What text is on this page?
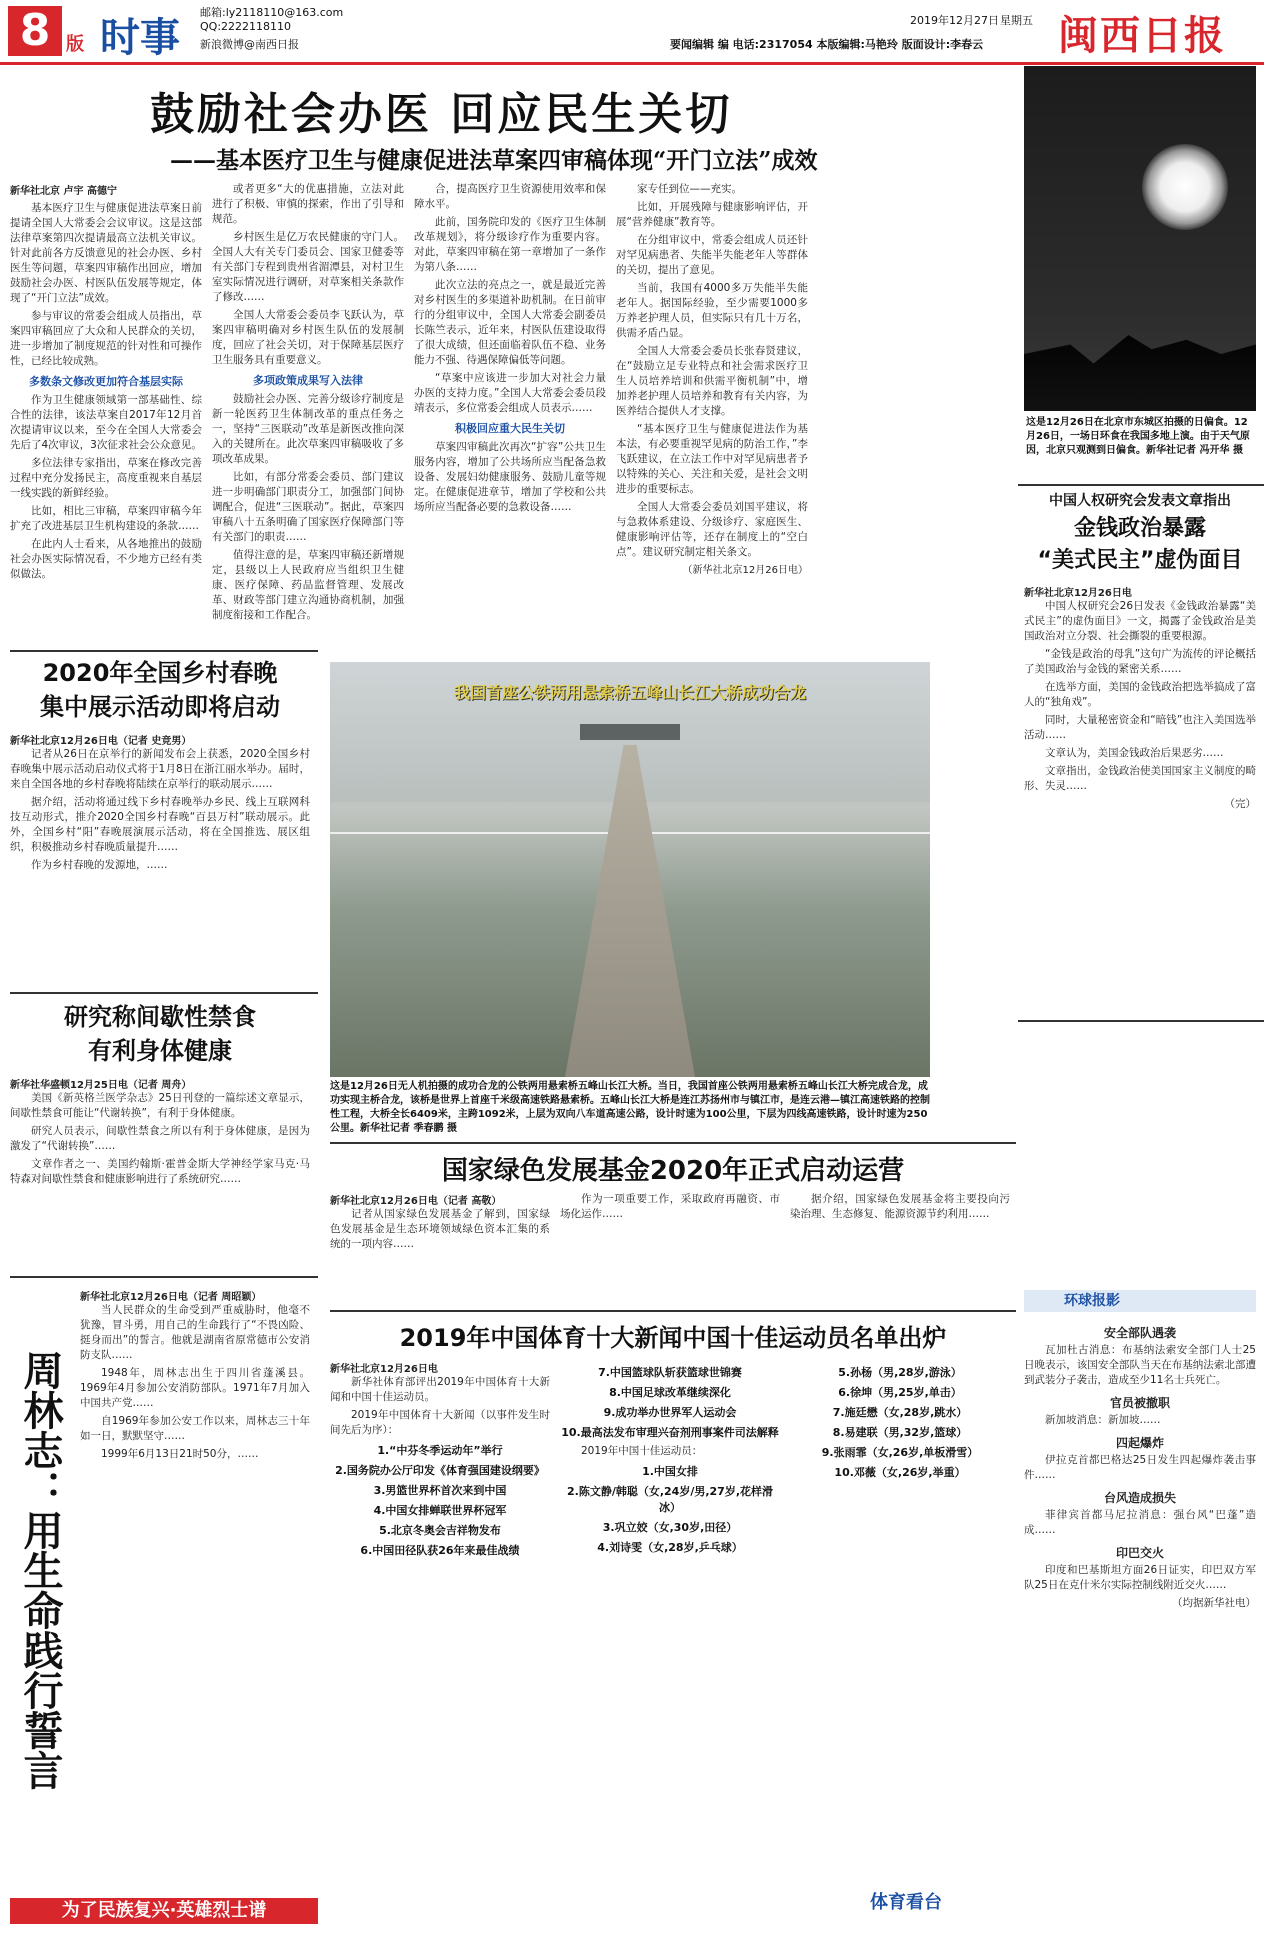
8 版 时事
邮箱:ly2118110@163.com
QQ:2222118110
新浪微博@南西日报
2019年12月27日 星期五
要闻编辑 编 电话:2317054 本版编辑:马艳玲 版面设计:李春云 闽西日报
鼓励社会办医 回应民生关切
——基本医疗卫生与健康促进法草案四审稿体现“开门立法”成效
新华社北京 卢宇 高德宁

基本医疗卫生与健康促进法草案日前提请全国人大常委会会议审议。这是这部法律草案第四次提请最高立法机关审议。针对此前各方反馈意见的社会办医、乡村医生等问题，草案四审稿作出回应，增加鼓励社会办医、村医队伍发展等规定，体现了“开门立法”成效。

参与审议的常委会组成人员指出，草案四审稿回应了大众和人民群众的关切，进一步增加了制度规范的针对性和可操作性，已经比较成熟。

多数条文修改更加符合基层实际

作为卫生健康领域第一部基础性、综合性的法律，该法草案自2017年12月首次提请审议以来，至今在全国人大常委会先后了4次审议，3次征求社会公众意见。

多位法律专家指出，草案在修改完善过程中充分发扬民主，高度重视来自基层一线实践的新鲜经验。

比如，相比三审稿，草案四审稿今年扩充了改进基层卫生机构建设的条款……

在此内人士看来，从各地推出的鼓励社会办医实际情况看，不少地方已经有类似做法。

或者更多“大的优惠措施，立法对此进行了积极、审慎的探索，作出了引导和规范。

乡村医生是亿万农民健康的守门人。全国人大有关专门委员会、国家卫健委等有关部门专程到贵州省湄潭县，对村卫生室实际情况进行调研，对草案相关条款作了修改……

全国人大常委会委员李飞跃认为，草案四审稿明确对乡村医生队伍的发展制度，回应了社会关切，对于保障基层医疗卫生服务具有重要意义。

多项政策成果写入法律

鼓励社会办医、完善分级诊疗制度是新一轮医药卫生体制改革的重点任务之一，坚持“三医联动”改革是新医改推向深入的关键所在。此次草案四审稿吸收了多项改革成果。

比如，有部分常委会委员、部门建议进一步明确部门职责分工，加强部门间协调配合，促进“三医联动”。据此，草案四审稿八十五条明确了国家医疗保障部门等有关部门的职责……

值得注意的是，草案四审稿还新增规定，县级以上人民政府应当组织卫生健康、医疗保障、药品监督管理、发展改革、财政等部门建立沟通协商机制，加强制度衔接和工作配合。

合，提高医疗卫生资源使用效率和保障水平。

此前，国务院印发的《医疗卫生体制改革规划》，将分级诊疗作为重要内容。对此，草案四审稿在第一章增加了一条作为第八条……

此次立法的亮点之一，就是最近完善对乡村医生的多渠道补助机制。在日前审行的分组审议中，全国人大常委会副委员长陈竺表示，近年来，村医队伍建设取得了很大成绩，但还面临着队伍不稳、业务能力不强、待遇保障偏低等问题。

“草案中应该进一步加大对社会力量办医的支持力度。”全国人大常委会委员段靖表示，多位常委会组成人员表示……

积极回应重大民生关切

草案四审稿此次再次“扩容”公共卫生服务内容，增加了公共场所应当配备急救设备、发展妇幼健康服务、鼓励儿童等规定。在健康促进章节，增加了学校和公共场所应当配备必要的急救设备……

家专任到位——充实。

比如，开展残障与健康影响评估，开展“营养健康”教育等。

在分组审议中，常委会组成人员还针对罕见病患者、失能半失能老年人等群体的关切，提出了意见。

当前，我国有4000多万失能半失能老年人。据国际经验，至少需要1000多万养老护理人员，但实际只有几十万名，供需矛盾凸显。

全国人大常委会委员长张春贤建议，在“鼓励立足专业特点和社会需求医疗卫生人员培养培训和供需平衡机制”中，增加养老护理人员培养和教育有关内容，为医养结合提供人才支撑。

“基本医疗卫生与健康促进法作为基本法，有必要重视罕见病的防治工作，”李飞跃建议，在立法工作中对罕见病患者予以特殊的关心、关注和关爱，是社会文明进步的重要标志。

全国人大常委会委员刘国平建议，将与急救体系建设、分级诊疗、家庭医生、健康影响评估等，还存在制度上的“空白点”。建议研究制定相关条文。

（新华社北京12月26日电）
这是12月26日在北京市东城区拍摄的日偏食。12月26日，一场日环食在我国多地上演。由于天气原因，北京只观测到日偏食。新华社记者 冯开华 摄
中国人权研究会发表文章指出
金钱政治暴露
“美式民主”虚伪面目
新华社北京12月26日电

中国人权研究会26日发表《金钱政治暴露“美式民主”的虚伪面目》一文，揭露了金钱政治是美国政治对立分裂、社会撕裂的重要根源。

“金钱是政治的母乳”这句广为流传的评论概括了美国政治与金钱的紧密关系……

在选举方面，美国的金钱政治把选举搞成了富人的“独角戏”。

同时，大量秘密资金和“暗钱”也注入美国选举活动……

文章认为，美国金钱政治后果恶劣……

文章指出，金钱政治使美国国家主义制度的畸形、失灵……

（完）
2020年全国乡村春晚
集中展示活动即将启动
新华社北京12月26日电（记者 史竞男）

记者从26日在京举行的新闻发布会上获悉，2020全国乡村春晚集中展示活动启动仪式将于1月8日在浙江丽水举办。届时，来自全国各地的乡村春晚将陆续在京举行的联动展示……

据介绍，活动将通过线下乡村春晚举办乡民、线上互联网科技互动形式，推介2020全国乡村春晚“百县万村”联动展示。此外，全国乡村“阳”春晚展演展示活动，将在全国推选、展区组织，积极推动乡村春晚质量提升……

作为乡村春晚的发源地，……

我国首座公铁两用悬索桥五峰山长江大桥成功合龙
这是12月26日无人机拍摄的成功合龙的公铁两用悬索桥五峰山长江大桥。当日，我国首座公铁两用悬索桥五峰山长江大桥完成合龙，成功实现主桥合龙，该桥是世界上首座千米级高速铁路悬索桥。五峰山长江大桥是连江苏扬州市与镇江市，是连云港—镇江高速铁路的控制性工程，大桥全长6409米，主跨1092米，上层为双向八车道高速公路，设计时速为100公里，下层为四线高速铁路，设计时速为250公里。新华社记者 季春鹏 摄
研究称间歇性禁食
有利身体健康
新华社华盛顿12月25日电（记者 周舟）

美国《新英格兰医学杂志》25日刊登的一篇综述文章显示，间歇性禁食可能让“代谢转换”，有利于身体健康。

研究人员表示，间歇性禁食之所以有利于身体健康，是因为激发了“代谢转换”……

文章作者之一、美国约翰斯·霍普金斯大学神经学家马克·马特森对间歇性禁食和健康影响进行了系统研究……	国家绿色发展基金2020年正式启动运营
新华社北京12月26日电（记者 高敬）

记者从国家绿色发展基金了解到，国家绿色发展基金是生态环境领域绿色资本汇集的系统的一项内容……

作为一项重要工作，采取政府再融资、市场化运作……

据介绍，国家绿色发展基金将主要投向污染治理、生态修复、能源资源节约利用……

2019年中国体育十大新闻中国十佳运动员名单出炉
新华社北京12月26日电

新华社体育部评出2019年中国体育十大新闻和中国十佳运动员。

2019年中国体育十大新闻（以事件发生时间先后为序）：

1.“中芬冬季运动年”举行
2.国务院办公厅印发《体育强国建设纲要》
3.男篮世界杯首次来到中国
4.中国女排蝉联世界杯冠军
5.北京冬奥会吉祥物发布
6.中国田径队获26年来最佳战绩
7.中国篮球队斩获篮球世锦赛
8.中国足球改革继续深化
9.成功举办世界军人运动会
10.最高法发布审理兴奋剂刑事案件司法解释

2019年中国十佳运动员：

1.中国女排
2.陈文静/韩聪（女,24岁/男,27岁,花样滑冰）
3.巩立姣（女,30岁,田径）
4.刘诗雯（女,28岁,乒乓球）
5.孙杨（男,28岁,游泳）
6.徐坤（男,25岁,单击）
7.施廷懋（女,28岁,跳水）
8.易建联（男,32岁,篮球）
9.张雨霏（女,26岁,单板滑雪）
10.邓薇（女,26岁,举重）
体育看台
周林志：用生命践行誓言
新华社北京12月26日电（记者 周昭颖）

当人民群众的生命受到严重威胁时，他毫不犹豫，冒斗勇，用自己的生命践行了“不畏凶险、挺身而出”的誓言。他就是湖南省原常德市公安消防支队……

1948年，周林志出生于四川省蓬溪县。1969年4月参加公安消防部队。1971年7月加入中国共产党……

自1969年参加公安工作以来，周林志三十年如一日，默默坚守……

1999年6月13日21时50分，……

为了民族复兴·英雄烈士谱
环球报影
安全部队遇袭

瓦加杜古消息：布基纳法索安全部门人士25日晚表示，该国安全部队当天在布基纳法索北部遭到武装分子袭击，造成至少11名士兵死亡。

官员被撤职

新加坡消息：新加坡……

四起爆炸

伊拉克首都巴格达25日发生四起爆炸袭击事件……

台风造成损失

菲律宾首都马尼拉消息：强台风“巴蓬”造成……

印巴交火

印度和巴基斯坦方面26日证实，印巴双方军队25日在克什米尔实际控制线附近交火……

（均据新华社电）
